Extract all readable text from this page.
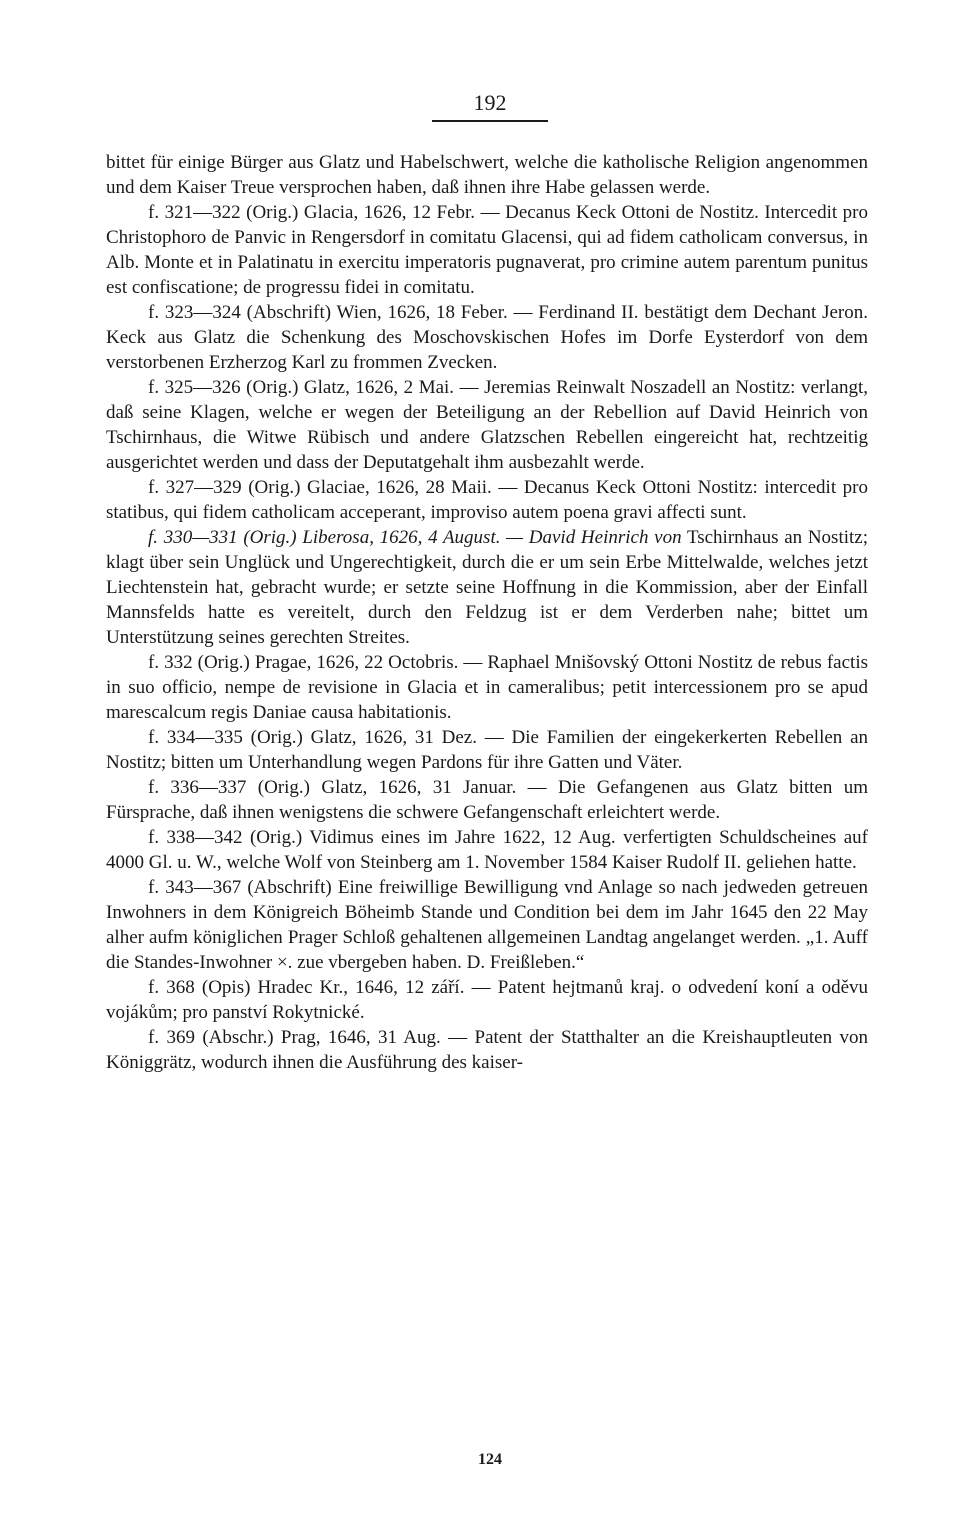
192

bittet für einige Bürger aus Glatz und Habelschwert, welche die katholische Religion angenommen und dem Kaiser Treue versprochen haben, daß ihnen ihre Habe gelassen werde.

f. 321—322 (Orig.) Glacia, 1626, 12 Febr. — Decanus Keck Ottoni de Nostitz. Intercedit pro Christophoro de Panvic in Rengersdorf in comitatu Glacensi, qui ad fidem catholicam conversus, in Alb. Monte et in Palatinatu in exercitu imperatoris pugnaverat, pro crimine autem parentum punitus est confiscatione; de progressu fidei in comitatu.

f. 323—324 (Abschrift) Wien, 1626, 18 Feber. — Ferdinand II. bestätigt dem Dechant Jeron. Keck aus Glatz die Schenkung des Moschovskischen Hofes im Dorfe Eysterdorf von dem verstorbenen Erzherzog Karl zu frommen Zvecken.

f. 325—326 (Orig.) Glatz, 1626, 2 Mai. — Jeremias Reinwalt Noszadell an Nostitz: verlangt, daß seine Klagen, welche er wegen der Beteiligung an der Rebellion auf David Heinrich von Tschirnhaus, die Witwe Rübisch und andere Glatzschen Rebellen eingereicht hat, rechtzeitig ausgerichtet werden und dass der Deputatgehalt ihm ausbezahlt werde.

f. 327—329 (Orig.) Glaciae, 1626, 28 Maii. — Decanus Keck Ottoni Nostitz: intercedit pro statibus, qui fidem catholicam acceperant, improviso autem poena gravi affecti sunt.

f. 330—331 (Orig.) Liberosa, 1626, 4 August. — David Heinrich von Tschirnhaus an Nostitz; klagt über sein Unglück und Ungerechtigkeit, durch die er um sein Erbe Mittelwalde, welches jetzt Liechtenstein hat, gebracht wurde; er setzte seine Hoffnung in die Kommission, aber der Einfall Mannsfelds hatte es vereitelt, durch den Feldzug ist er dem Verderben nahe; bittet um Unterstützung seines gerechten Streites.

f. 332 (Orig.) Pragae, 1626, 22 Octobris. — Raphael Mnišovský Ottoni Nostitz de rebus factis in suo officio, nempe de revisione in Glacia et in cameralibus; petit intercessionem pro se apud marescalcum regis Daniae causa habitationis.

f. 334—335 (Orig.) Glatz, 1626, 31 Dez. — Die Familien der eingekerkerten Rebellen an Nostitz; bitten um Unterhandlung wegen Pardons für ihre Gatten und Väter.

f. 336—337 (Orig.) Glatz, 1626, 31 Januar. — Die Gefangenen aus Glatz bitten um Fürsprache, daß ihnen wenigstens die schwere Gefangenschaft erleichtert werde.

f. 338—342 (Orig.) Vidimus eines im Jahre 1622, 12 Aug. verfertigten Schuldscheines auf 4000 Gl. u. W., welche Wolf von Steinberg am 1. November 1584 Kaiser Rudolf II. geliehen hatte.

f. 343—367 (Abschrift) Eine freiwillige Bewilligung vnd Anlage so nach jedweden getreuen Inwohners in dem Königreich Böheimb Stande und Condition bei dem im Jahr 1645 den 22 May alher aufm königlichen Prager Schloß gehaltenen allgemeinen Landtag angelanget werden. „1. Auff die Standes-Inwohner ×. zue vbergeben haben. D. Freißleben.“

f. 368 (Opis) Hradec Kr., 1646, 12 září. — Patent hejtmanů kraj. o odvedení koní a oděvu vojákům; pro panství Rokytnické.

f. 369 (Abschr.) Prag, 1646, 31 Aug. — Patent der Statthalter an die Kreishauptleuten von Königgrätz, wodurch ihnen die Ausführung des kaiser-

124
